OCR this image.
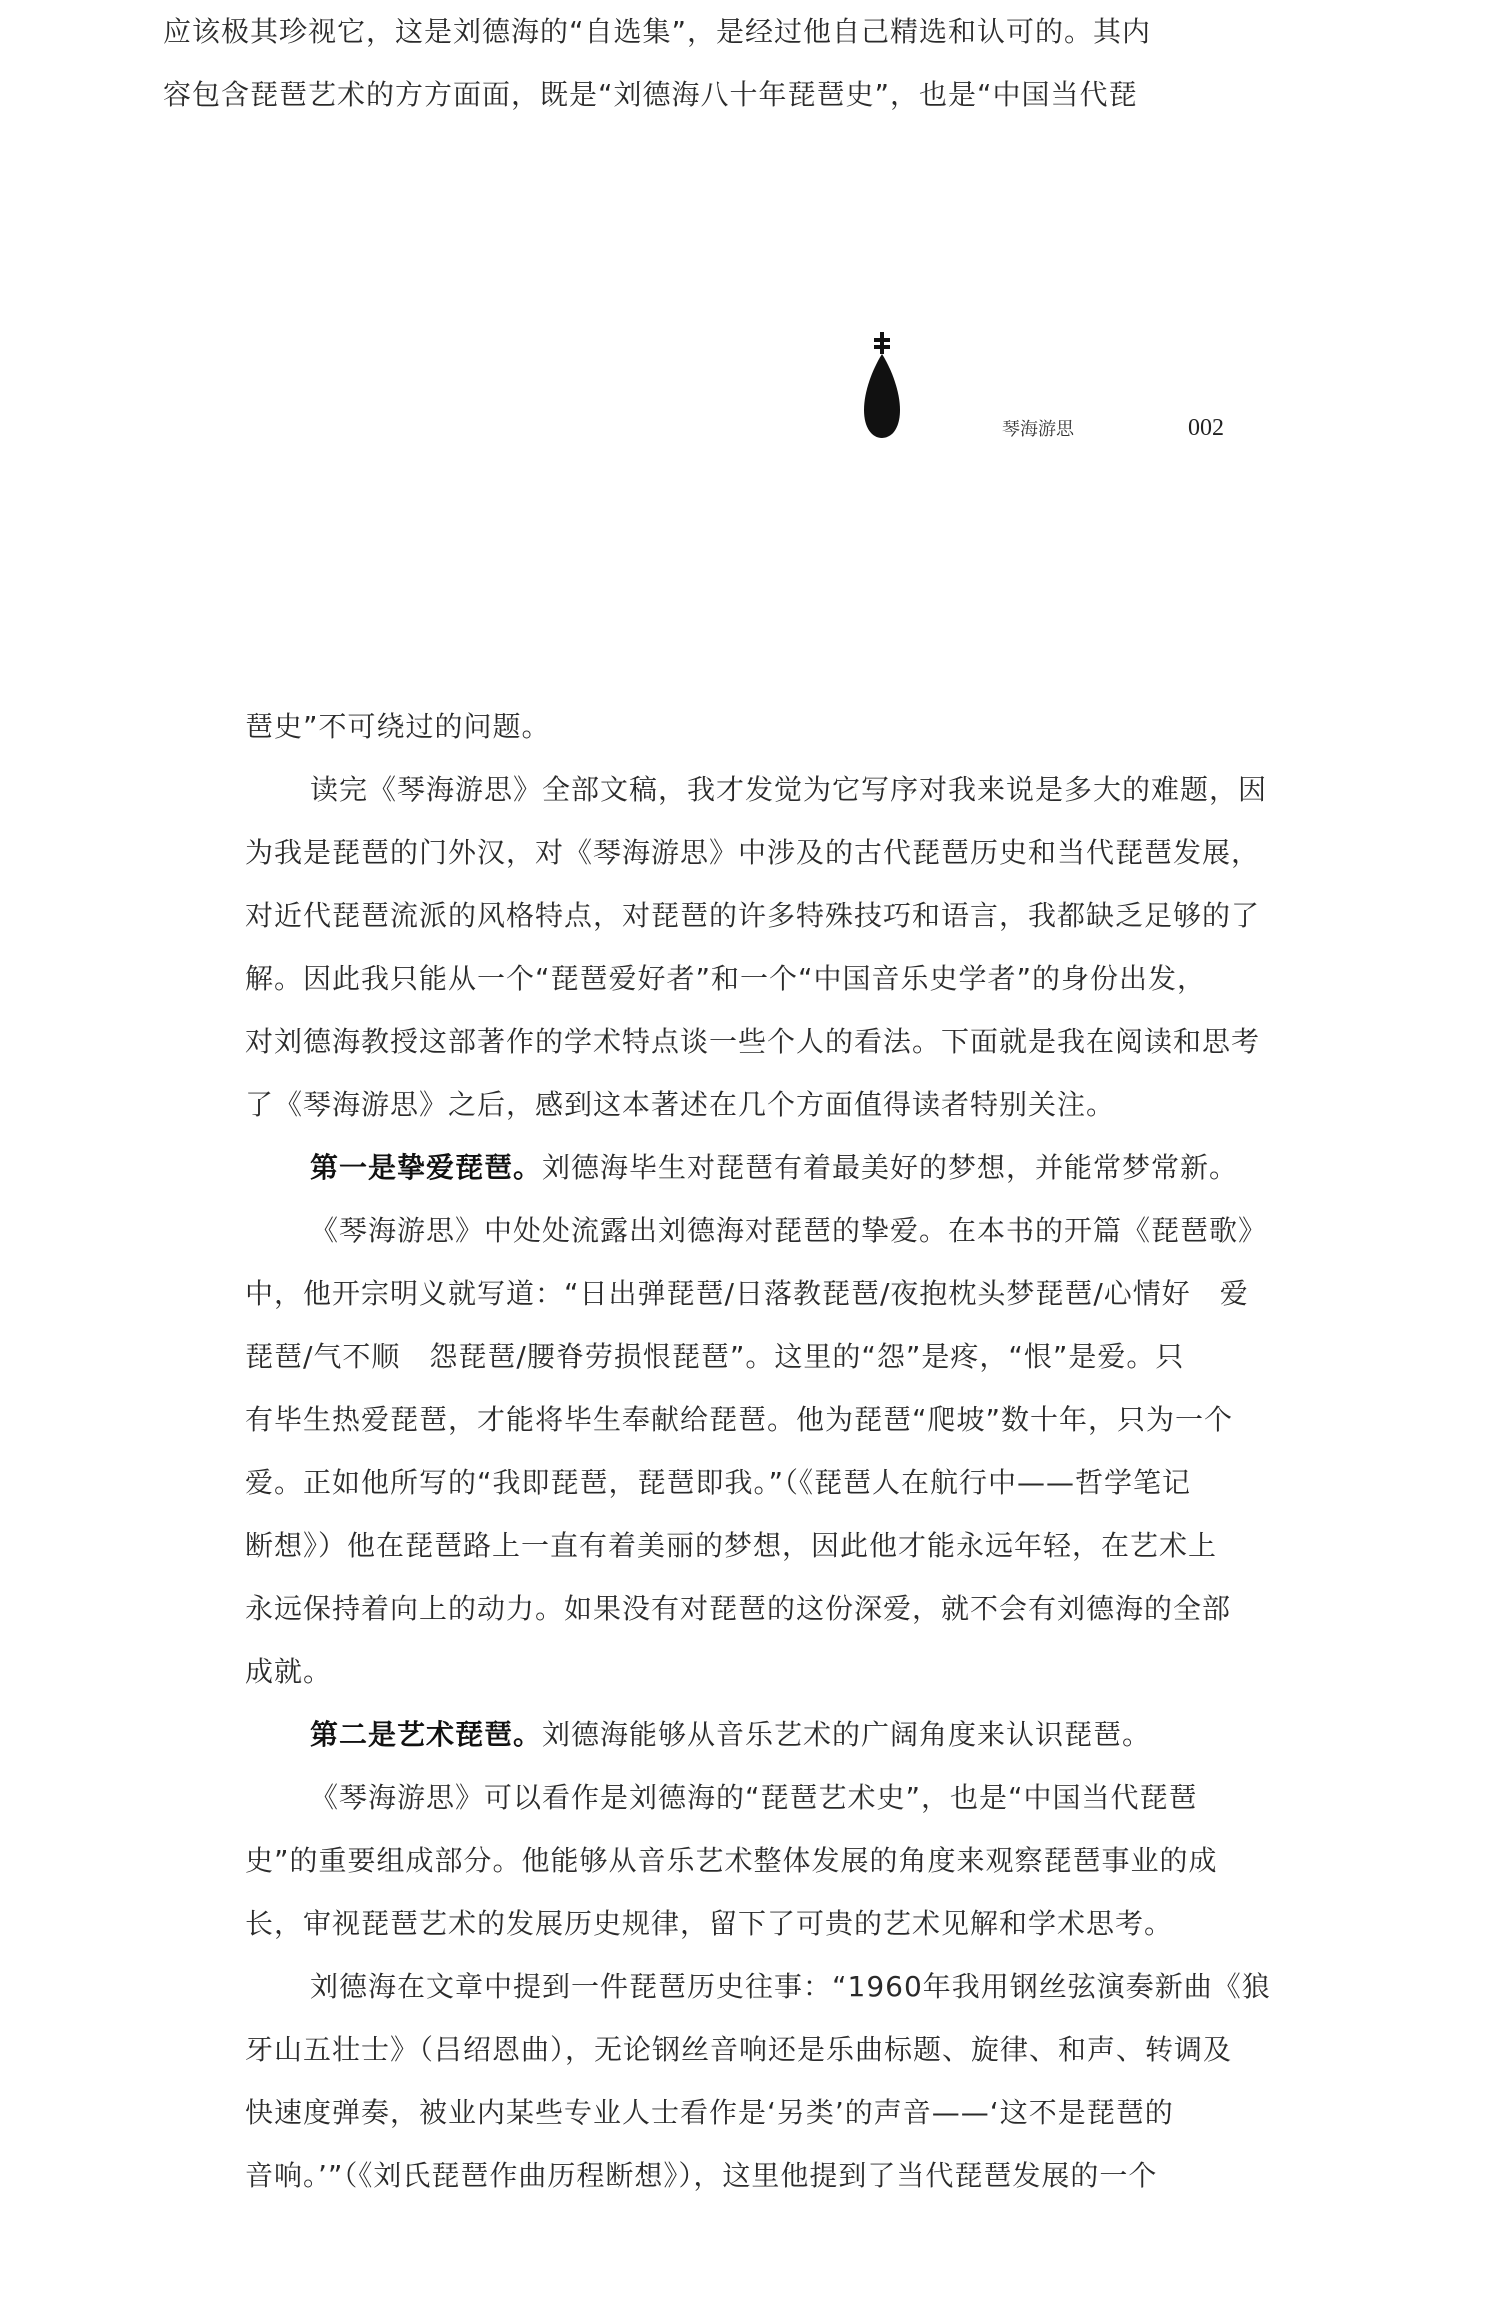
应该极其珍视它，这是刘德海的“自选集”，是经过他自己精选和认可的。其内

容包含琵琶艺术的方方面面，既是“刘德海八十年琵琶史”，也是“中国当代琵

琴海游思	002

琶史”不可绕过的问题。

读完《琴海游思》全部文稿，我才发觉为它写序对我来说是多大的难题，因

为我是琵琶的门外汉，对《琴海游思》中涉及的古代琵琶历史和当代琵琶发展，

对近代琵琶流派的风格特点，对琵琶的许多特殊技巧和语言，我都缺乏足够的了

解。因此我只能从一个“琵琶爱好者”和一个“中国音乐史学者”的身份出发，

对刘德海教授这部著作的学术特点谈一些个人的看法。下面就是我在阅读和思考

了《琴海游思》之后，感到这本著述在几个方面值得读者特别关注。

第一是挚爱琵琶。刘德海毕生对琵琶有着最美好的梦想，并能常梦常新。

《琴海游思》中处处流露出刘德海对琵琶的挚爱。在本书的开篇《琵琶歌》

中，他开宗明义就写道：“日出弹琵琶/日落教琵琶/夜抱枕头梦琵琶/心情好　爱

琵琶/气不顺　怨琵琶/腰脊劳损恨琵琶”。这里的“怨”是疼，“恨”是爱。只

有毕生热爱琵琶，才能将毕生奉献给琵琶。他为琵琶“爬坡”数十年，只为一个

爱。正如他所写的“我即琵琶，琵琶即我。”（《琵琶人在航行中——哲学笔记

断想》）他在琵琶路上一直有着美丽的梦想，因此他才能永远年轻，在艺术上

永远保持着向上的动力。如果没有对琵琶的这份深爱，就不会有刘德海的全部

成就。

第二是艺术琵琶。刘德海能够从音乐艺术的广阔角度来认识琵琶。

《琴海游思》可以看作是刘德海的“琵琶艺术史”，也是“中国当代琵琶

史”的重要组成部分。他能够从音乐艺术整体发展的角度来观察琵琶事业的成

长，审视琵琶艺术的发展历史规律，留下了可贵的艺术见解和学术思考。

刘德海在文章中提到一件琵琶历史往事：“1960年我用钢丝弦演奏新曲《狼

牙山五壮士》（吕绍恩曲），无论钢丝音响还是乐曲标题、旋律、和声、转调及

快速度弹奏，被业内某些专业人士看作是‘另类’的声音——‘这不是琵琶的

音响。’”（《刘氏琵琶作曲历程断想》），这里他提到了当代琵琶发展的一个
